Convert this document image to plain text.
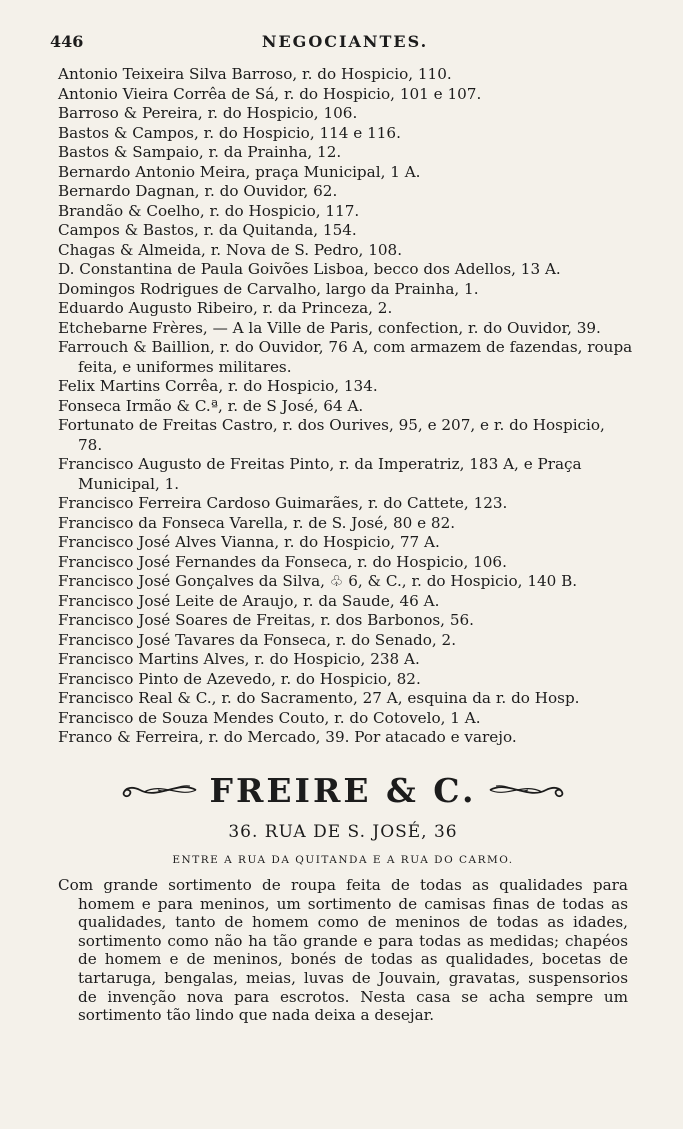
446	NEGOCIANTES.

Antonio Teixeira Silva Barroso, r. do Hospicio, 110.

Antonio Vieira Corrêa de Sá, r. do Hospicio, 101 e 107.

Barroso & Pereira, r. do Hospicio, 106.

Bastos & Campos, r. do Hospicio, 114 e 116.

Bastos & Sampaio, r. da Prainha, 12.

Bernardo Antonio Meira, praça Municipal, 1 A.

Bernardo Dagnan, r. do Ouvidor, 62.

Brandão & Coelho, r. do Hospicio, 117.

Campos & Bastos, r. da Quitanda, 154.

Chagas & Almeida, r. Nova de S. Pedro, 108.

D. Constantina de Paula Goivões Lisboa, becco dos Adellos, 13 A.

Domingos Rodrigues de Carvalho, largo da Prainha, 1.

Eduardo Augusto Ribeiro, r. da Princeza, 2.

Etchebarne Frères, — A la Ville de Paris, confection, r. do Ouvidor, 39.

Farrouch & Baillion, r. do Ouvidor, 76 A, com armazem de fazendas, roupa feita, e uniformes militares.

Felix Martins Corrêa, r. do Hospicio, 134.

Fonseca Irmão & C.ª, r. de S José, 64 A.

Fortunato de Freitas Castro, r. dos Ourives, 95, e 207, e r. do Hospicio, 78.

Francisco Augusto de Freitas Pinto, r. da Imperatriz, 183 A, e Praça Municipal, 1.

Francisco Ferreira Cardoso Guimarães, r. do Cattete, 123.

Francisco da Fonseca Varella, r. de S. José, 80 e 82.

Francisco José Alves Vianna, r. do Hospicio, 77 A.

Francisco José Fernandes da Fonseca, r. do Hospicio, 106.

Francisco José Gonçalves da Silva, ♧ 6, & C., r. do Hospicio, 140 B.

Francisco José Leite de Araujo, r. da Saude, 46 A.

Francisco José Soares de Freitas, r. dos Barbonos, 56.

Francisco José Tavares da Fonseca, r. do Senado, 2.

Francisco Martins Alves, r. do Hospicio, 238 A.

Francisco Pinto de Azevedo, r. do Hospicio, 82.

Francisco Real & C., r. do Sacramento, 27 A, esquina da r. do Hosp.

Francisco de Souza Mendes Couto, r. do Cotovelo, 1 A.

Franco & Ferreira, r. do Mercado, 39. Por atacado e varejo.

FREIRE & C.
36. RUA DE S. JOSÉ, 36
ENTRE A RUA DA QUITANDA E A RUA DO CARMO.

Com grande sortimento de roupa feita de todas as qualidades para homem e para meninos, um sortimento de camisas finas de todas as qualidades, tanto de homem como de meninos de todas as idades, sortimento como não ha tão grande e para todas as medidas; chapéos de homem e de meninos, bonés de todas as qualidades, bocetas de tartaruga, bengalas, meias, luvas de Jouvain, gravatas, suspensorios de invenção nova para escrotos. Nesta casa se acha sempre um sortimento tão lindo que nada deixa a desejar.
